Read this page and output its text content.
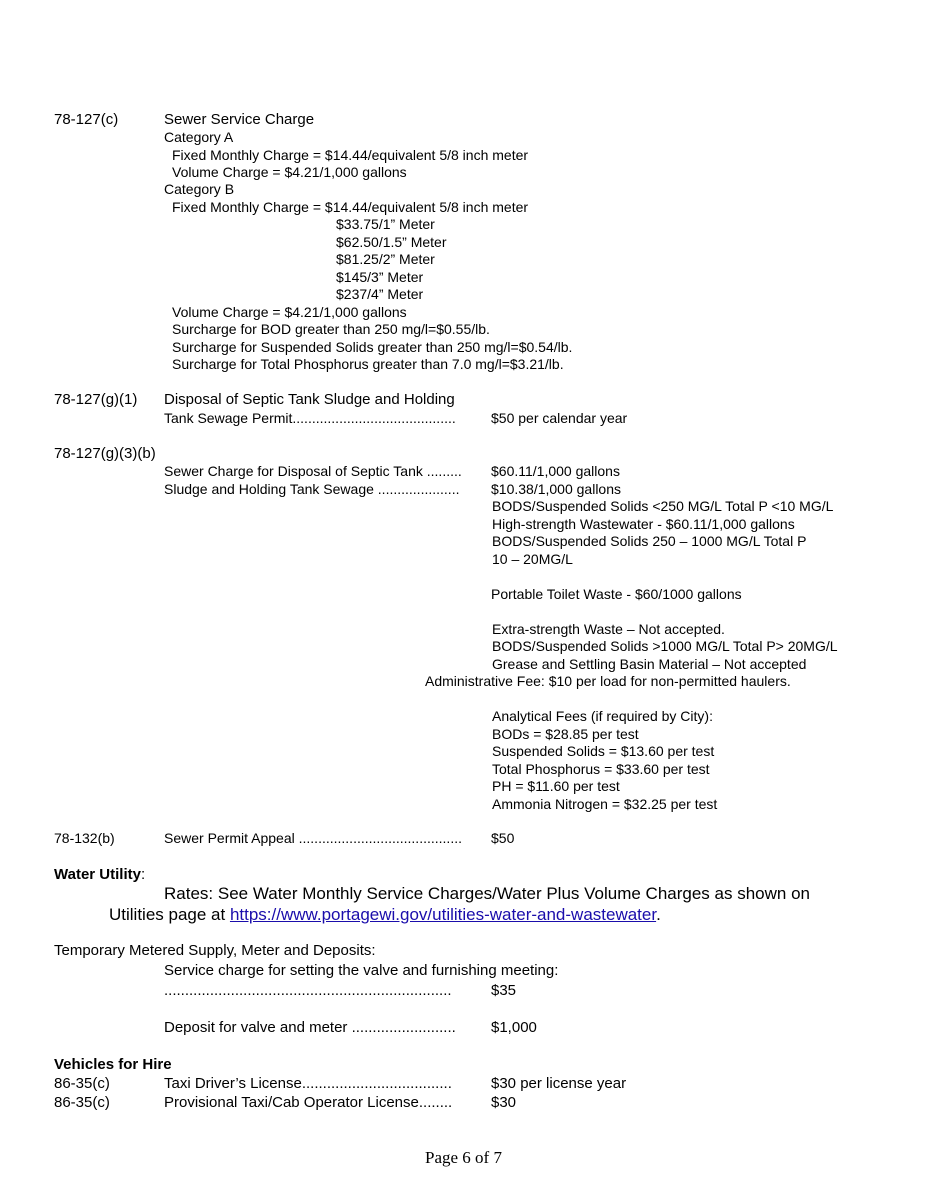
78-127(c)	Sewer Service Charge
Category A
Fixed Monthly Charge = $14.44/equivalent 5/8 inch meter
Volume Charge = $4.21/1,000 gallons
Category B
Fixed Monthly Charge = $14.44/equivalent 5/8 inch meter
$33.75/1” Meter
$62.50/1.5” Meter
$81.25/2” Meter
$145/3” Meter
$237/4” Meter
Volume Charge = $4.21/1,000 gallons
Surcharge for BOD greater than 250 mg/l=$0.55/lb.
Surcharge for Suspended Solids greater than 250 mg/l=$0.54/lb.
Surcharge for Total Phosphorus greater than 7.0 mg/l=$3.21/lb.
78-127(g)(1) Disposal of Septic Tank Sludge and Holding
Tank Sewage Permit..........................................	$50 per calendar year
78-127(g)(3)(b)
Sewer Charge for Disposal of Septic Tank ......... $60.11/1,000 gallons
Sludge and Holding Tank Sewage ..................... $10.38/1,000 gallons
BODS/Suspended Solids <250 MG/L Total P <10 MG/L
High-strength Wastewater - $60.11/1,000 gallons
BODS/Suspended Solids 250 – 1000 MG/L Total P
10 – 20MG/L
Portable Toilet Waste - $60/1000 gallons
Extra-strength Waste – Not accepted.
BODS/Suspended Solids >1000 MG/L Total P> 20MG/L
Grease and Settling Basin Material – Not accepted
Administrative Fee: $10 per load for non-permitted haulers.
Analytical Fees (if required by City):
BODs = $28.85 per test
Suspended Solids = $13.60 per test
Total Phosphorus = $33.60 per test
PH = $11.60 per test
Ammonia Nitrogen = $32.25 per test
78-132(b)	Sewer Permit Appeal .......................................... $50
Water Utility:
Rates: See Water Monthly Service Charges/Water Plus Volume Charges as shown on
Utilities page at https://www.portagewi.gov/utilities-water-and-wastewater.
Temporary Metered Supply, Meter and Deposits:
Service charge for setting the valve and furnishing meeting:
.....................................................................	$35
Deposit for valve and meter ......................... $1,000
Vehicles for Hire
86-35(c)	Taxi Driver’s License....................................	$30 per license year
86-35(c)	Provisional Taxi/Cab Operator License........	$30
Page 6 of 7
